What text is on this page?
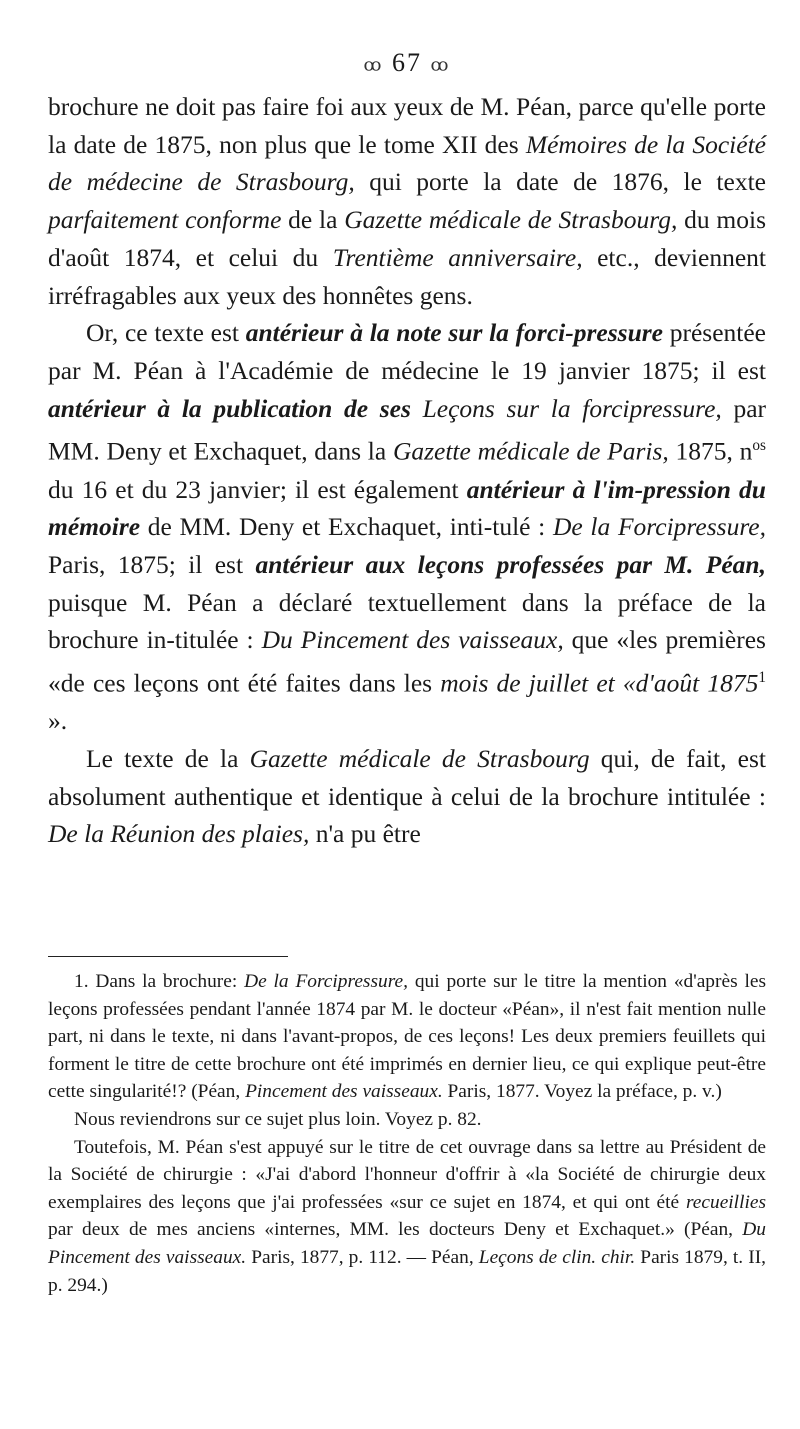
ꝏ 67 ꝏ

brochure ne doit pas faire foi aux yeux de M. Péan, parce qu'elle porte la date de 1875, non plus que le tome XII des Mémoires de la Société de médecine de Strasbourg, qui porte la date de 1876, le texte parfaitement conforme de la Gazette médicale de Strasbourg, du mois d'août 1874, et celui du Trentième anniversaire, etc., deviennent irréfragables aux yeux des honnêtes gens.

Or, ce texte est antérieur à la note sur la forci-pressure présentée par M. Péan à l'Académie de médecine le 19 janvier 1875; il est antérieur à la publication de ses Leçons sur la forcipressure, par MM. Deny et Exchaquet, dans la Gazette médicale de Paris, 1875, $n^{os}$ du 16 et du 23 janvier; il est également antérieur à l'im-pression du mémoire de MM. Deny et Exchaquet, inti-tulé : De la Forcipressure, Paris, 1875; il est antérieur aux leçons professées par M. Péan, puisque M. Péan a déclaré textuellement dans la préface de la brochure in-titulée : Du Pincement des vaisseaux, que «les premières «de ces leçons ont été faites dans les mois de juillet et «d'août 1875$^1$ ».

Le texte de la Gazette médicale de Strasbourg qui, de fait, est absolument authentique et identique à celui de la brochure intitulée : De la Réunion des plaies, n'a pu être

1. Dans la brochure: De la Forcipressure, qui porte sur le titre la mention «d'après les leçons professées pendant l'année 1874 par M. le docteur «Péan», il n'est fait mention nulle part, ni dans le texte, ni dans l'avant-propos, de ces leçons! Les deux premiers feuillets qui forment le titre de cette brochure ont été imprimés en dernier lieu, ce qui explique peut-être cette singularité!? (Péan, Pincement des vaisseaux. Paris, 1877. Voyez la préface, p. v.)

Nous reviendrons sur ce sujet plus loin. Voyez p. 82.

Toutefois, M. Péan s'est appuyé sur le titre de cet ouvrage dans sa lettre au Président de la Société de chirurgie : «J'ai d'abord l'honneur d'offrir à «la Société de chirurgie deux exemplaires des leçons que j'ai professées «sur ce sujet en 1874, et qui ont été recueillies par deux de mes anciens «internes, MM. les docteurs Deny et Exchaquet.» (Péan, Du Pincement des vaisseaux. Paris, 1877, p. 112. — Péan, Leçons de clin. chir. Paris 1879, t. II, p. 294.)
